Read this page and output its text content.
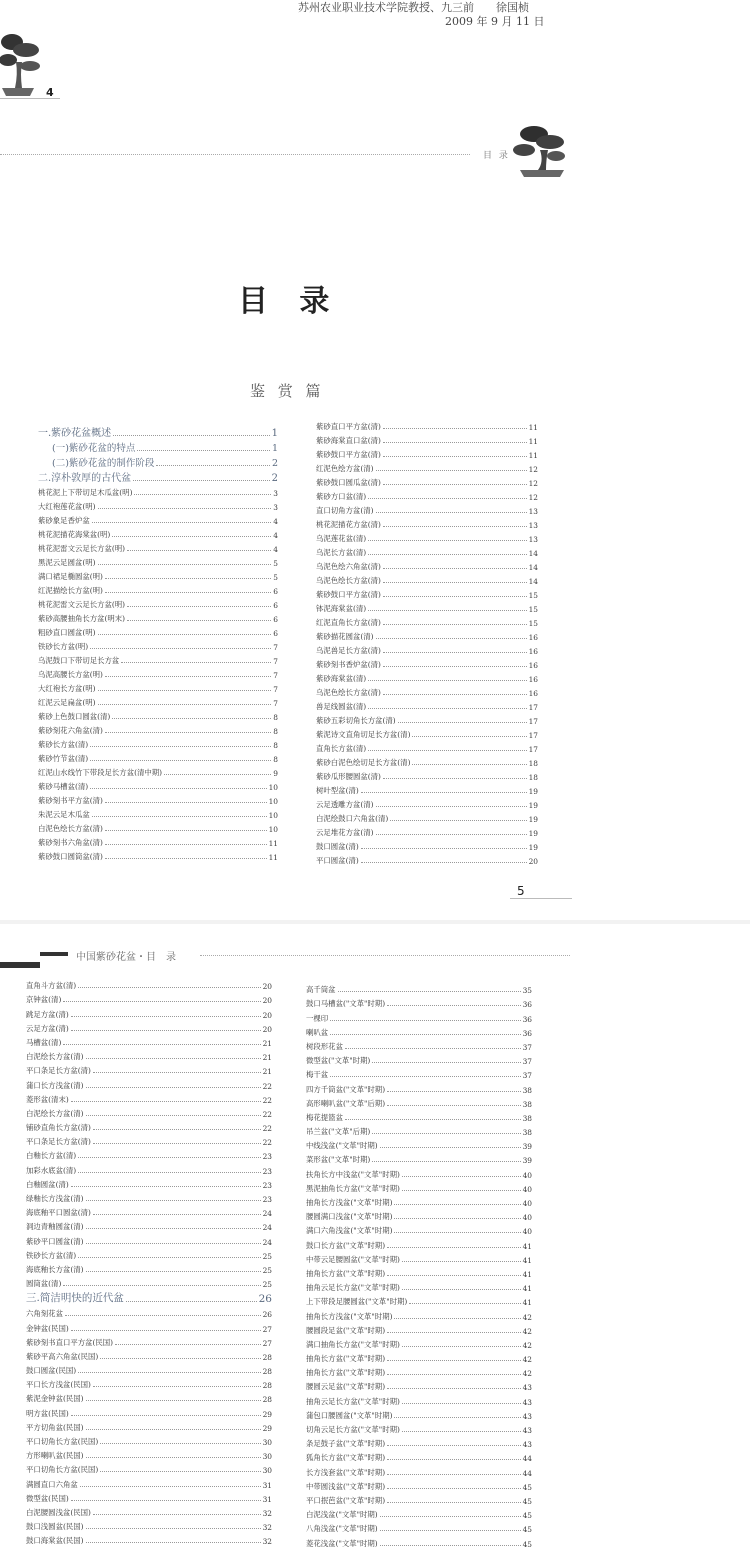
苏州农业职业技术学院教授、九三前　　徐国桢
2009 年 9 月 11 日
4
目 录
目   录
鉴 赏 篇
一.紫砂花盆概述	1
(一)紫砂花盆的特点	1
(二)紫砂花盆的制作阶段	2
二.淳朴敦厚的古代盆	2
桃花泥上下带切足木瓜盆(明)	3
大红袍莲花盆(明)	3
紫砂象足香炉盆	4
桃花泥描花海棠盆(明)	4
桃花泥雷文云足长方盆(明)	4
黑泥云足圆盆(明)	5
满口裙足椭圆盆(明)	5
红泥描绘长方盆(明)	6
桃花泥雷文云足长方盆(明)	6
紫砂高腰抽角长方盆(明末)	6
粗砂直口圆盆(明)	6
铁砂长方盆(明)	7
乌泥鼓口下带切足长方盆	7
乌泥高腰长方盆(明)	7
大红袍长方盆(明)	7
红泥云足扁盆(明)	7
紫砂上色鼓口圆盆(清)	8
紫砂刻花六角盆(清)	8
紫砂长方盆(清)	8
紫砂竹节盆(清)	8
红泥山水线竹下带段足长方盆(清中期)	9
紫砂马槽盆(清)	10
紫砂刻书平方盆(清)	10
朱泥云足木瓜盆	10
白泥色绘长方盆(清)	10
紫砂刻书六角盆(清)	11
紫砂鼓口圆筒盆(清)	11
紫砂直口平方盆(清)	11
紫砂海棠直口盆(清)	11
紫砂鼓口平方盆(清)	11
红泥色绘方盆(清)	12
紫砂鼓口圆瓜盆(清)	12
紫砂方口盆(清)	12
直口切角方盆(清)	13
桃花泥描花方盆(清)	13
乌泥莲花盆(清)	13
乌泥长方盆(清)	14
乌泥色绘六角盆(清)	14
乌泥色绘长方盆(清)	14
紫砂鼓口平方盆(清)	15
钵泥海棠盆(清)	15
红泥直角长方盆(清)	15
紫砂描花圆盆(清)	16
乌泥兽足长方盆(清)	16
紫砂刻书香炉盆(清)	16
紫砂海棠盆(清)	16
乌泥色绘长方盆(清)	16
兽足线圆盆(清)	17
紫砂五彩切角长方盆(清)	17
紫泥诗文直角切足长方盆(清)	17
直角长方盆(清)	17
紫砂白泥色绘切足长方盆(清)	18
紫砂瓜形腰圆盆(清)	18
树叶型盆(清)	19
云足透雕方盆(清)	19
白泥绘鼓口六角盆(清)	19
云足堆花方盆(清)	19
鼓口圆盆(清)	19
平口圆盆(清)	20
5
中国紫砂花盆・目　录
直角斗方盆(清)	20
京钟盆(清)	20
跳足方盆(清)	20
云足方盆(清)	20
马槽盆(清)	21
白泥绘长方盆(清)	21
平口条足长方盆(清)	21
蒲口长方浅盆(清)	22
菱形盆(清末)	22
白泥绘长方盆(清)	22
铺砂直角长方盆(清)	22
平口条足长方盆(清)	22
白釉长方盆(清)	23
加彩水底盆(清)	23
白釉圆盆(清)	23
绿釉长方浅盆(清)	23
海底釉平口圆盆(清)	24
洞边青釉圆盆(清)	24
紫砂平口圆盆(清)	24
铁砂长方盆(清)	25
海底釉长方盆(清)	25
圆筒盆(清)	25
三.简洁明快的近代盆	26
六角刻花盆	26
金钟盆(民国)	27
紫砂刻书直口平方盆(民国)	27
紫砂平高六角盆(民国)	28
鼓口圆盆(民国)	28
平口长方浅盆(民国)	28
紫泥金钟盆(民国)	28
明方盆(民国)	29
平方切角盆(民国)	29
平口切角长方盆(民国)	30
方形喇叭盆(民国)	30
平口切角长方盆(民国)	30
满圆直口六角盆	31
微型盆(民国)	31
白泥腰圆浅盆(民国)	32
鼓口浅圆盆(民国)	32
鼓口海棠盆(民国)	32
高千筒盆	35
鼓口马槽盆("文革"时期)	36
一棵印	36
喇叭盆	36
树段形花盆	37
微型盆("文革"时期)	37
梅干盆	37
四方千筒盆("文革"时期)	38
高形喇叭盆("文革"后期)	38
梅花提篮盆	38
吊兰盆("文革"后期)	38
中线浅盆("文革"时期)	39
菜形盆("文革"时期)	39
扶角长方中浅盆("文革"时期)	40
黑泥抽角长方盆("文革"时期)	40
抽角长方浅盆("文革"时期)	40
腰圆满口浅盆("文革"时期)	40
满口六角浅盆("文革"时期)	40
鼓口长方盆("文革"时期)	41
中带云足腰圆盆("文革"时期)	41
抽角长方盆("文革"时期)	41
抽角云足长方盆("文革"时期)	41
上下带段足腰圆盆("文革"时期)	41
抽角长方浅盆("文革"时期)	42
腰圆段足盆("文革"时期)	42
满口抽角长方盆("文革"时期)	42
抽角长方盆("文革"时期)	42
抽角长方盆("文革"时期)	42
腰圆云足盆("文革"时期)	43
抽角云足长方盆("文革"时期)	43
蒲包口腰圆盆("文革"时期)	43
切角云足长方盆("文革"时期)	43
条足鼓子盆("文革"时期)	43
狐角长方盆("文革"时期)	44
长方浅套盆("文革"时期)	44
中带圆浅盆("文革"时期)	45
平口抿芭盆("文革"时期)	45
白泥浅盆("文革"时期)	45
八角浅盆("文革"时期)	45
菱花浅盆("文革"时期)	45
